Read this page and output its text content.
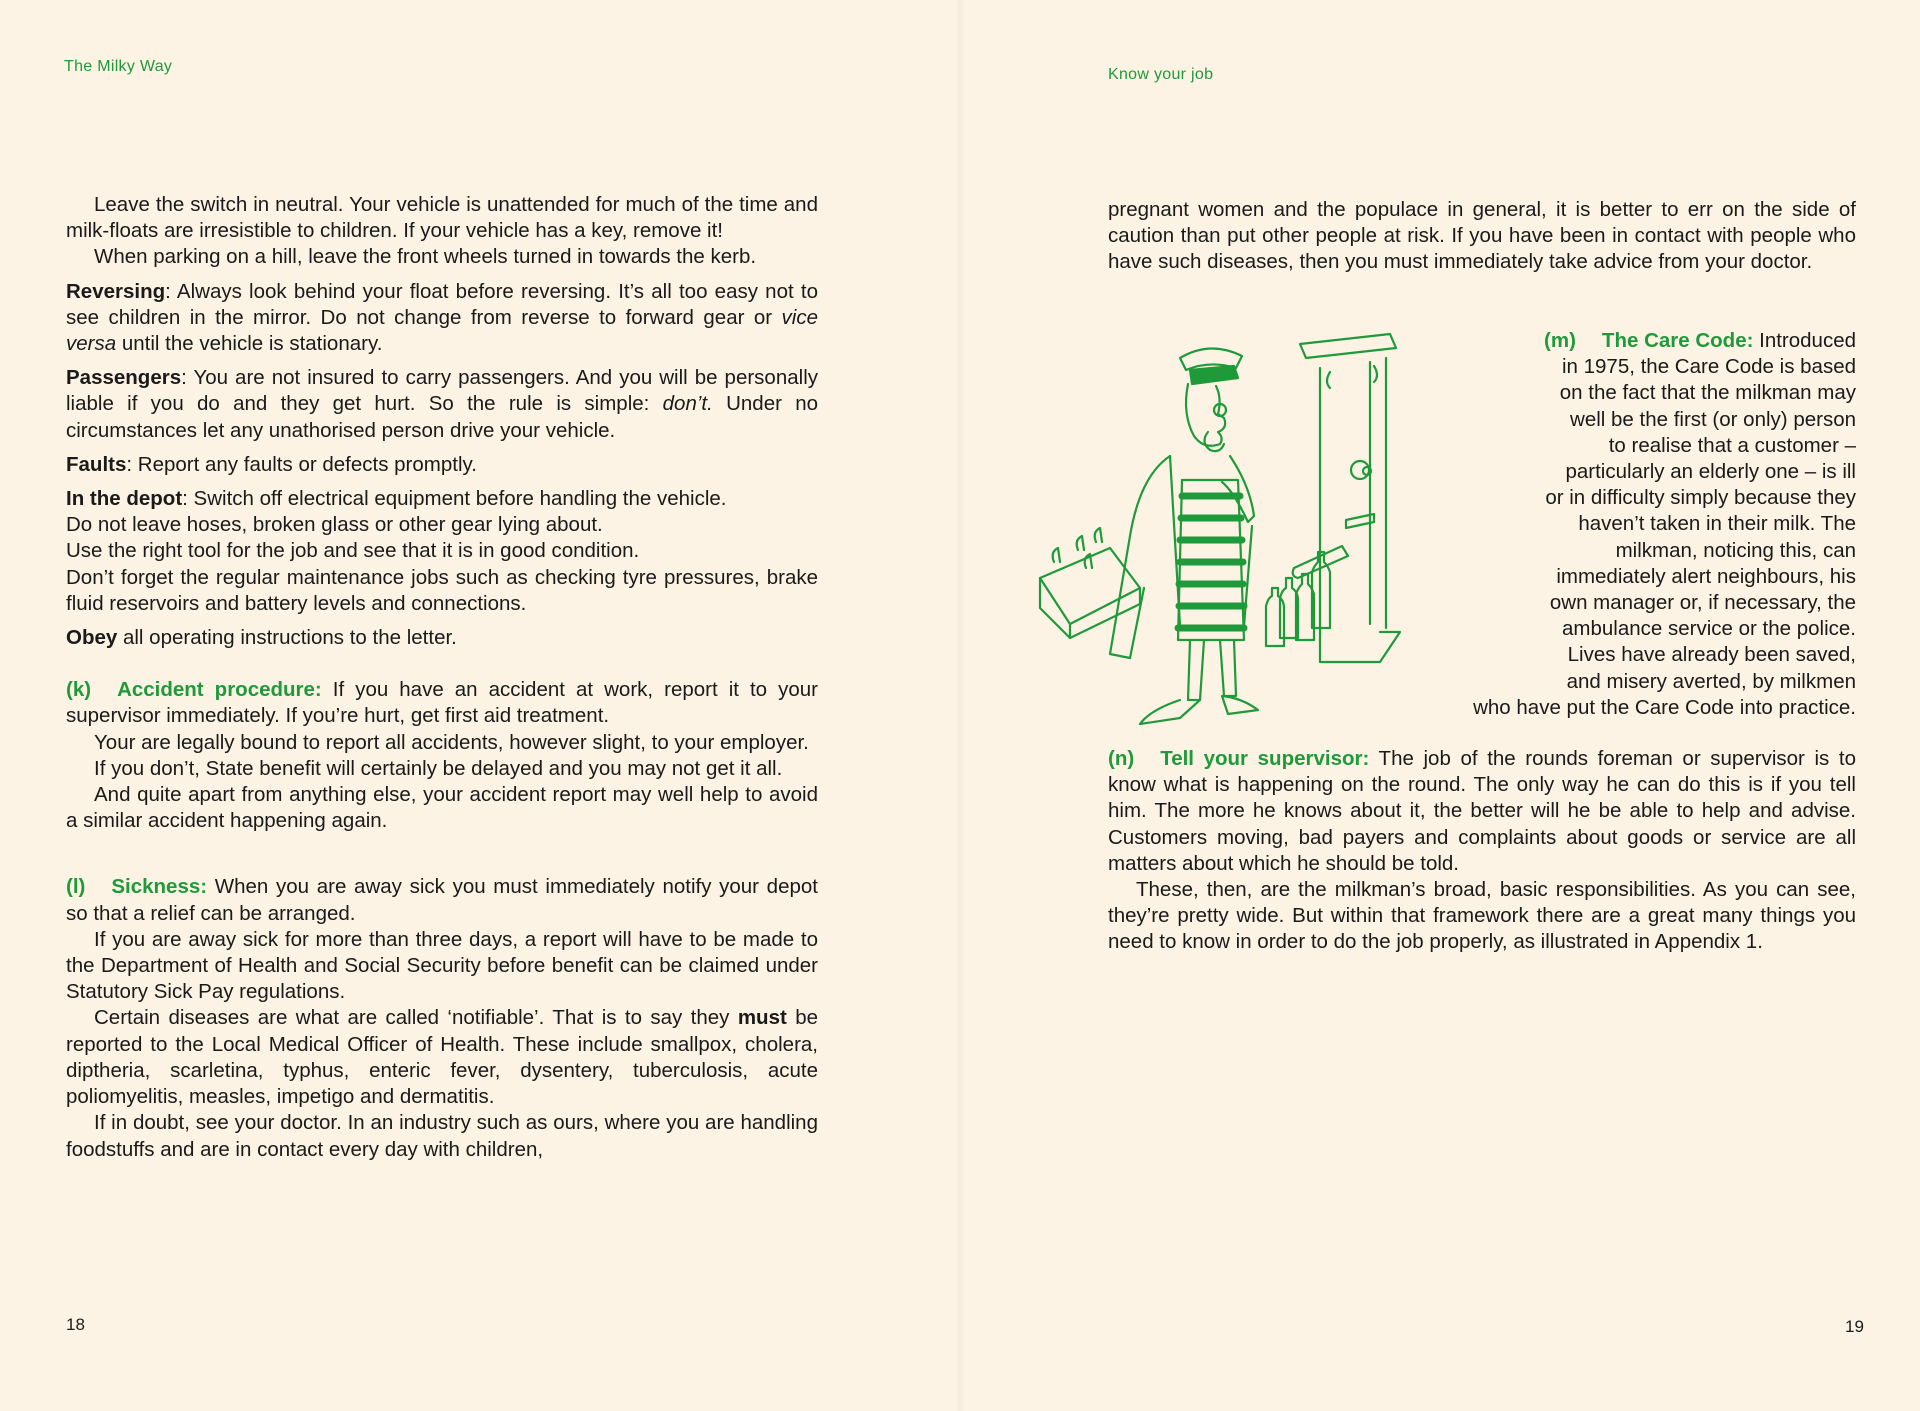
The Milky Way

Leave the switch in neutral. Your vehicle is unattended for much of the time and milk-floats are irresistible to children. If your vehicle has a key, remove it!

When parking on a hill, leave the front wheels turned in towards the kerb.

Reversing: Always look behind your float before reversing. It’s all too easy not to see children in the mirror. Do not change from reverse to forward gear or vice versa until the vehicle is stationary.

Passengers: You are not insured to carry passengers. And you will be personally liable if you do and they get hurt. So the rule is simple: don’t. Under no circumstances let any unathorised person drive your vehicle.

Faults: Report any faults or defects promptly.

In the depot: Switch off electrical equipment before handling the vehicle.

Do not leave hoses, broken glass or other gear lying about.

Use the right tool for the job and see that it is in good condition.

Don’t forget the regular maintenance jobs such as checking tyre pressures, brake fluid reservoirs and battery levels and connections.

Obey all operating instructions to the letter.

(k) Accident procedure: If you have an accident at work, report it to your supervisor immediately. If you’re hurt, get first aid treatment.

Your are legally bound to report all accidents, however slight, to your employer.

If you don’t, State benefit will certainly be delayed and you may not get it all.

And quite apart from anything else, your accident report may well help to avoid a similar accident happening again.

(l) Sickness: When you are away sick you must immediately notify your depot so that a relief can be arranged.

If you are away sick for more than three days, a report will have to be made to the Department of Health and Social Security before benefit can be claimed under Statutory Sick Pay regulations.

Certain diseases are what are called ‘notifiable’. That is to say they must be reported to the Local Medical Officer of Health. These include smallpox, cholera, diptheria, scarletina, typhus, enteric fever, dysentery, tuberculosis, acute poliomyelitis, measles, impetigo and dermatitis.

If in doubt, see your doctor. In an industry such as ours, where you are handling foodstuffs and are in contact every day with children,

18
Know your job

pregnant women and the populace in general, it is better to err on the side of caution than put other people at risk. If you have been in contact with people who have such diseases, then you must immediately take advice from your doctor.

(m) The Care Code: Introduced
in 1975, the Care Code is based
on the fact that the milkman may
well be the first (or only) person
to realise that a customer –
particularly an elderly one – is ill
or in difficulty simply because they
haven’t taken in their milk. The
milkman, noticing this, can
immediately alert neighbours, his
own manager or, if necessary, the
ambulance service or the police.
Lives have already been saved,
and misery averted, by milkmen
who have put the Care Code into practice.

(n) Tell your supervisor: The job of the rounds foreman or supervisor is to know what is happening on the round. The only way he can do this is if you tell him. The more he knows about it, the better will he be able to help and advise. Customers moving, bad payers and complaints about goods or service are all matters about which he should be told.

These, then, are the milkman’s broad, basic responsibilities. As you can see, they’re pretty wide. But within that framework there are a great many things you need to know in order to do the job properly, as illustrated in Appendix 1.

19
